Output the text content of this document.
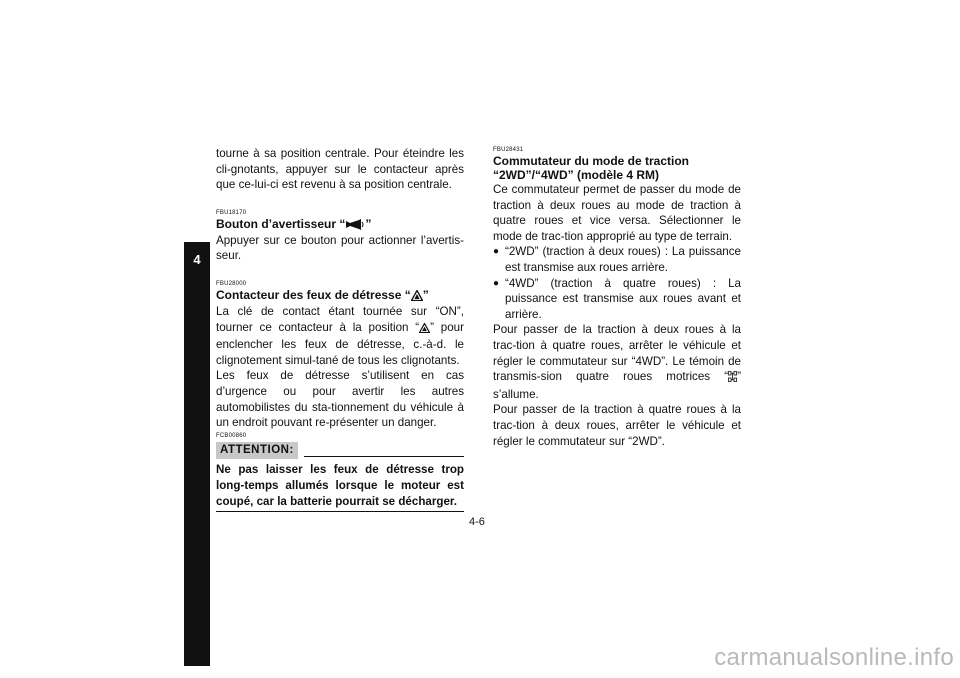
4

tourne à sa position centrale. Pour éteindre les cli-gnotants, appuyer sur le contacteur après que ce-lui-ci est revenu à sa position centrale.

FBU18170
Bouton d’avertisseur “ ”

Appuyer sur ce bouton pour actionner l’avertis-seur.

FBU28000
Contacteur des feux de détresse “ ”

La clé de contact étant tournée sur “ON”, tourner ce contacteur à la position “ ” pour enclencher les feux de détresse, c.-à-d. le clignotement simul-tané de tous les clignotants.

Les feux de détresse s’utilisent en cas d’urgence ou pour avertir les autres automobilistes du sta-tionnement du véhicule à un endroit pouvant re-présenter un danger.

FCB00860
ATTENTION:

Ne pas laisser les feux de détresse trop long-temps allumés lorsque le moteur est coupé, car la batterie pourrait se décharger.

FBU28431
Commutateur du mode de traction
“2WD”/“4WD” (modèle 4 RM)

Ce commutateur permet de passer du mode de traction à deux roues au mode de traction à quatre roues et vice versa. Sélectionner le mode de trac-tion approprié au type de terrain.

● “2WD” (traction à deux roues) : La puissance est transmise aux roues arrière.
● “4WD” (traction à quatre roues) : La puissance est transmise aux roues avant et arrière.

Pour passer de la traction à deux roues à la trac-tion à quatre roues, arrêter le véhicule et régler le commutateur sur “4WD”. Le témoin de transmis-sion quatre roues motrices “ ” s’allume.

Pour passer de la traction à quatre roues à la trac-tion à deux roues, arrêter le véhicule et régler le commutateur sur “2WD”.

4-6
carmanualsonline.info
